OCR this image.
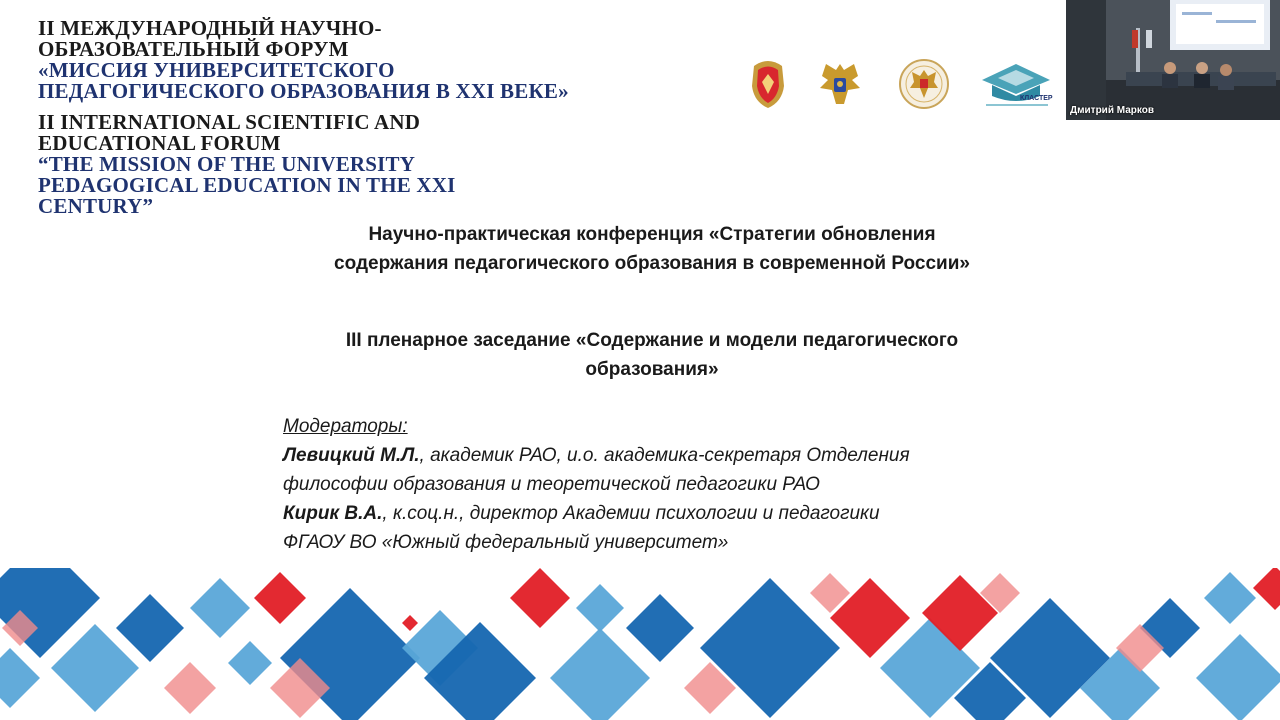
II МЕЖДУНАРОДНЫЙ НАУЧНО-
ОБРАЗОВАТЕЛЬНЫЙ ФОРУМ
«МИССИЯ УНИВЕРСИТЕТСКОГО
ПЕДАГОГИЧЕСКОГО ОБРАЗОВАНИЯ В XXI ВЕКЕ»
II INTERNATIONAL SCIENTIFIC AND
EDUCATIONAL FORUM
“THE MISSION OF THE UNIVERSITY
PEDAGOGICAL EDUCATION IN THE XXI
CENTURY”
КЛАСТЕР
Дмитрий Марков
Научно-практическая конференция «Стратегии обновления
содержания педагогического образования в современной России»
III пленарное заседание «Содержание и модели педагогического
образования»
Модераторы:
Левицкий М.Л., академик РАО, и.о. академика-секретаря Отделения
философии образования и теоретической педагогики РАО
Кирик В.А., к.соц.н., директор Академии психологии и педагогики
ФГАОУ ВО «Южный федеральный университет»
